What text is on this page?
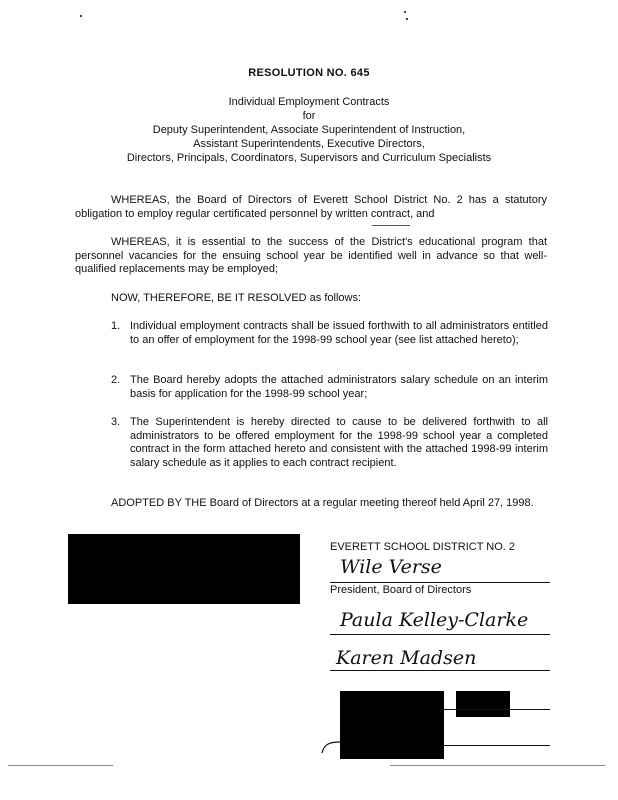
RESOLUTION NO. 645
Individual Employment Contracts
for
Deputy Superintendent, Associate Superintendent of Instruction,
Assistant Superintendents, Executive Directors,
Directors, Principals, Coordinators, Supervisors and Curriculum Specialists
WHEREAS, the Board of Directors of Everett School District No. 2 has a statutory obligation to employ regular certificated personnel by written contract, and
WHEREAS, it is essential to the success of the District's educational program that personnel vacancies for the ensuing school year be identified well in advance so that well-qualified replacements may be employed;
NOW, THEREFORE, BE IT RESOLVED as follows:
1. Individual employment contracts shall be issued forthwith to all administrators entitled to an offer of employment for the 1998-99 school year (see list attached hereto);
2. The Board hereby adopts the attached administrators salary schedule on an interim basis for application for the 1998-99 school year;
3. The Superintendent is hereby directed to cause to be delivered forthwith to all administrators to be offered employment for the 1998-99 school year a completed contract in the form attached hereto and consistent with the attached 1998-99 interim salary schedule as it applies to each contract recipient.
ADOPTED BY THE Board of Directors at a regular meeting thereof held April 27, 1998.
EVERETT SCHOOL DISTRICT NO. 2
Wile Verse
President, Board of Directors
Paula Kelley-Clarke
Karen Madsen
